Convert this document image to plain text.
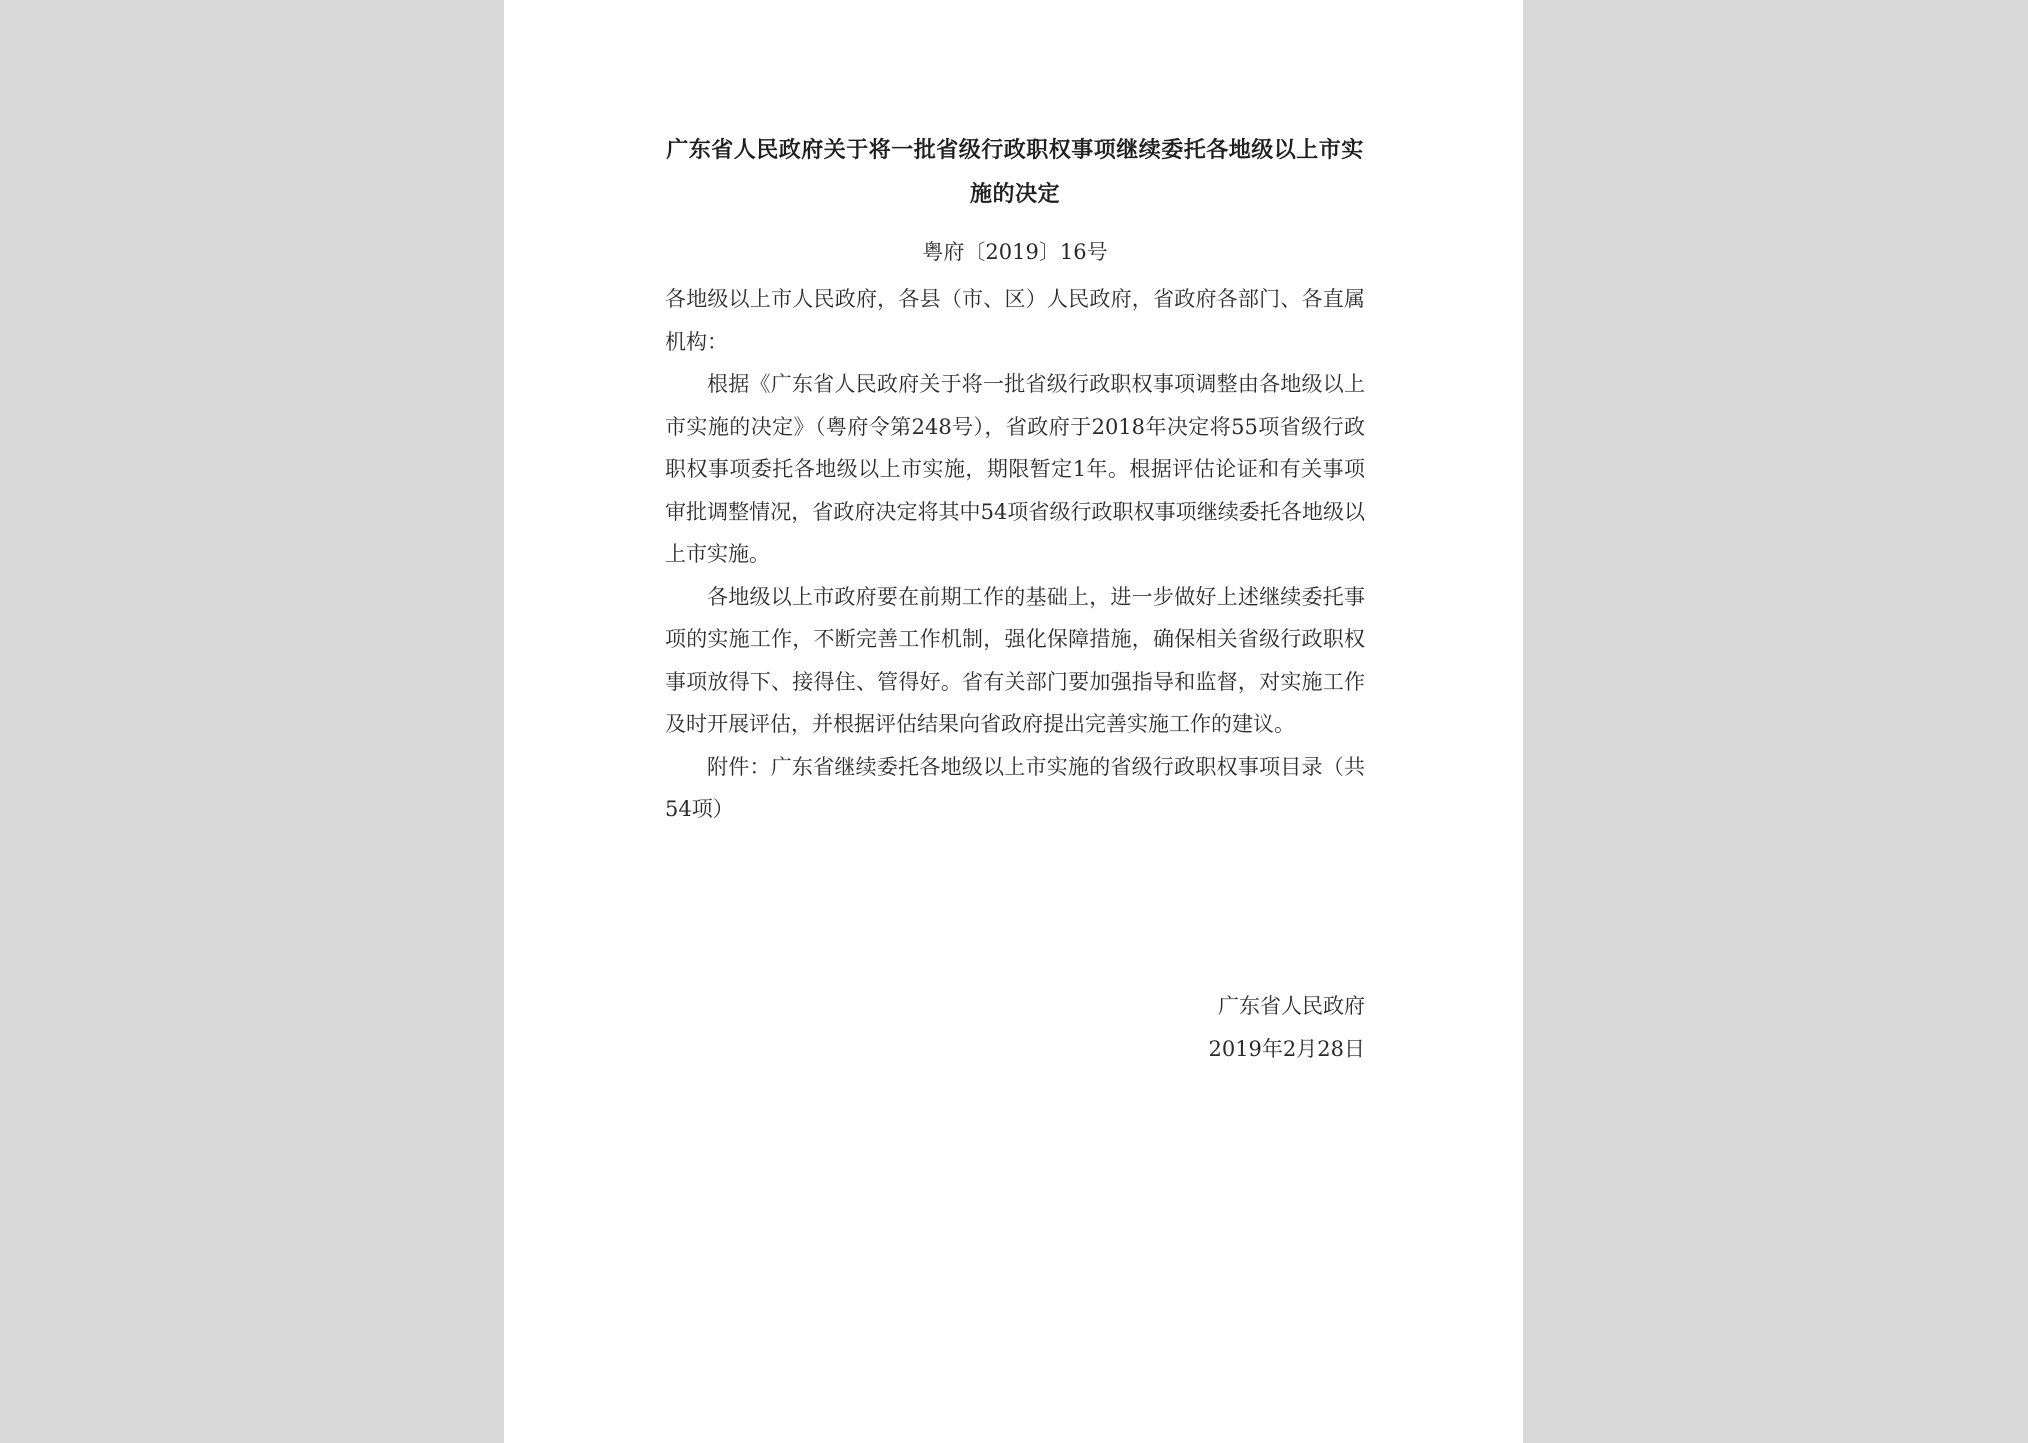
广东省人民政府关于将一批省级行政职权事项继续委托各地级以上市实施的决定
粤府〔2019〕16号

各地级以上市人民政府，各县（市、区）人民政府，省政府各部门、各直属机构：

根据《广东省人民政府关于将一批省级行政职权事项调整由各地级以上市实施的决定》（粤府令第248号），省政府于2018年决定将55项省级行政职权事项委托各地级以上市实施，期限暂定1年。根据评估论证和有关事项审批调整情况，省政府决定将其中54项省级行政职权事项继续委托各地级以上市实施。

各地级以上市政府要在前期工作的基础上，进一步做好上述继续委托事项的实施工作，不断完善工作机制，强化保障措施，确保相关省级行政职权事项放得下、接得住、管得好。省有关部门要加强指导和监督，对实施工作及时开展评估，并根据评估结果向省政府提出完善实施工作的建议。

附件：广东省继续委托各地级以上市实施的省级行政职权事项目录（共54项）

广东省人民政府
2019年2月28日
